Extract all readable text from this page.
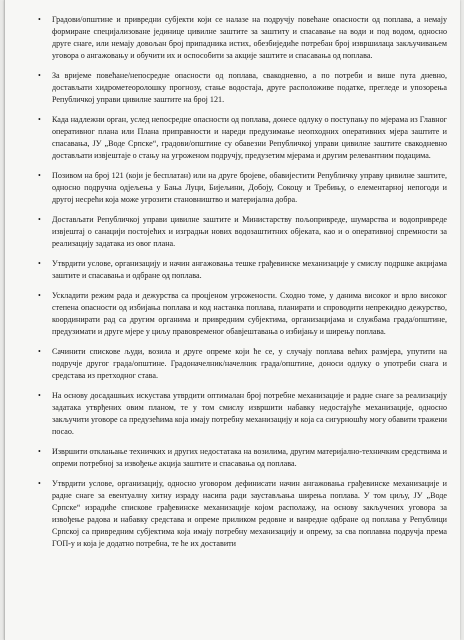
• Градови/општине и привредни субјекти који се налазе на подручју повећане опасности од поплава, а немају формиране специјализоване јединице цивилне заштите за заштиту и спасавање на води и под водом, односно друге снаге, или немају довољан број припадника истих, обезбиједиће потребан број извршилаца закључивањем уговора о ангажовању и обучити их и оспособити за акције заштите и спасавања од поплава.
• За вријеме повећане/непосредне опасности од поплава, свакодневно, а по потреби и више пута дневно, достављати хидрометеоролошку прогнозу, стање водостаја, друге расположиве податке, прегледе и упозорења Републичкој управи цивилне заштите на број 121.
• Када надлежни орган, услед непосредне опасности од поплава, донесе одлуку о поступању по мјерама из Главног оперативног плана или Плана приправности и нареди предузимање неопходних оперативних мјера заштите и спасавања, ЈУ „Воде Српске“, градови/општине су обавезни Републичкој управи цивилне заштите свакодневно достављати извјештаје о стању на угроженом подручју, предузетим мјерама и другим релевантним подацима.
• Позивом на број 121 (који је бесплатан) или на друге бројеве, обавијестити Републичку управу цивилне заштите, односно подручна одјељења у Бања Луци, Бијељини, Добоју, Сокоцу и Требињу, о елементарној непогоди и другој несрећи која може угрозити становништво и материјална добра.
• Достављати Републичкој управи цивилне заштите и Министарству пољопривреде, шумарства и водопривреде извјештај о санацији постојећих и изградњи нових водозаштитних објеката, као и о оперативној спремности за реализацију задатака из овог плана.
• Утврдити услове, организацију и начин ангажовања тешке грађевинске механизације у смислу подршке акцијама заштите и спасавања и одбране од поплава.
• Ускладити режим рада и дежурства са процјеном угрожености. Сходно томе, у данима високог и врло високог степена опасности од избијања поплава и код настанка поплава, планирати и спроводити непрекидно дежурство, координирати рад са другим органима и привредним субјектима, организацијама и службама града/општине, предузимати и друге мјере у циљу правовременог обавјештавања о избијању и ширењу поплава.
• Сачинити спискове људи, возила и друге опреме који ће се, у случају поплава већих размјера, упутити на подручје другог града/општине. Градоначелник/начелник града/општине, доноси одлуку о употреби снага и средстава из претходног става.
• На основу досадашњих искустава утврдити оптималан број потребне механизације и радне снаге за реализацију задатака утврђених овим планом, те у том смислу извршити набавку недостајуће механизације, односно закључити уговоре са предузећима која имају потребну механизацију и која са сигурношћу могу обавити тражени посао.
• Извршити отклањање техничких и других недостатака на возилима, другим материјално-техничким средствима и опреми потребној за извођење акција заштите и спасавања од поплава.
• Утврдити услове, организацију, односно уговором дефинисати начин ангажовања грађевинске механизације и радне снаге за евентуалну хитну израду насипа ради заустављања ширења поплава. У том циљу, ЈУ „Воде Српске“ израдиће спискове грађевинске механизације којом располажу, на основу закључених уговора за извођење радова и набавку средстава и опреме приликом редовне и ванредне одбране од поплава у Републици Српској са привредним субјектима која имају потребну механизацију и опрему, за сва поплавна подручја према ГОП-у и која је додатно потребна, те ће их доставити
